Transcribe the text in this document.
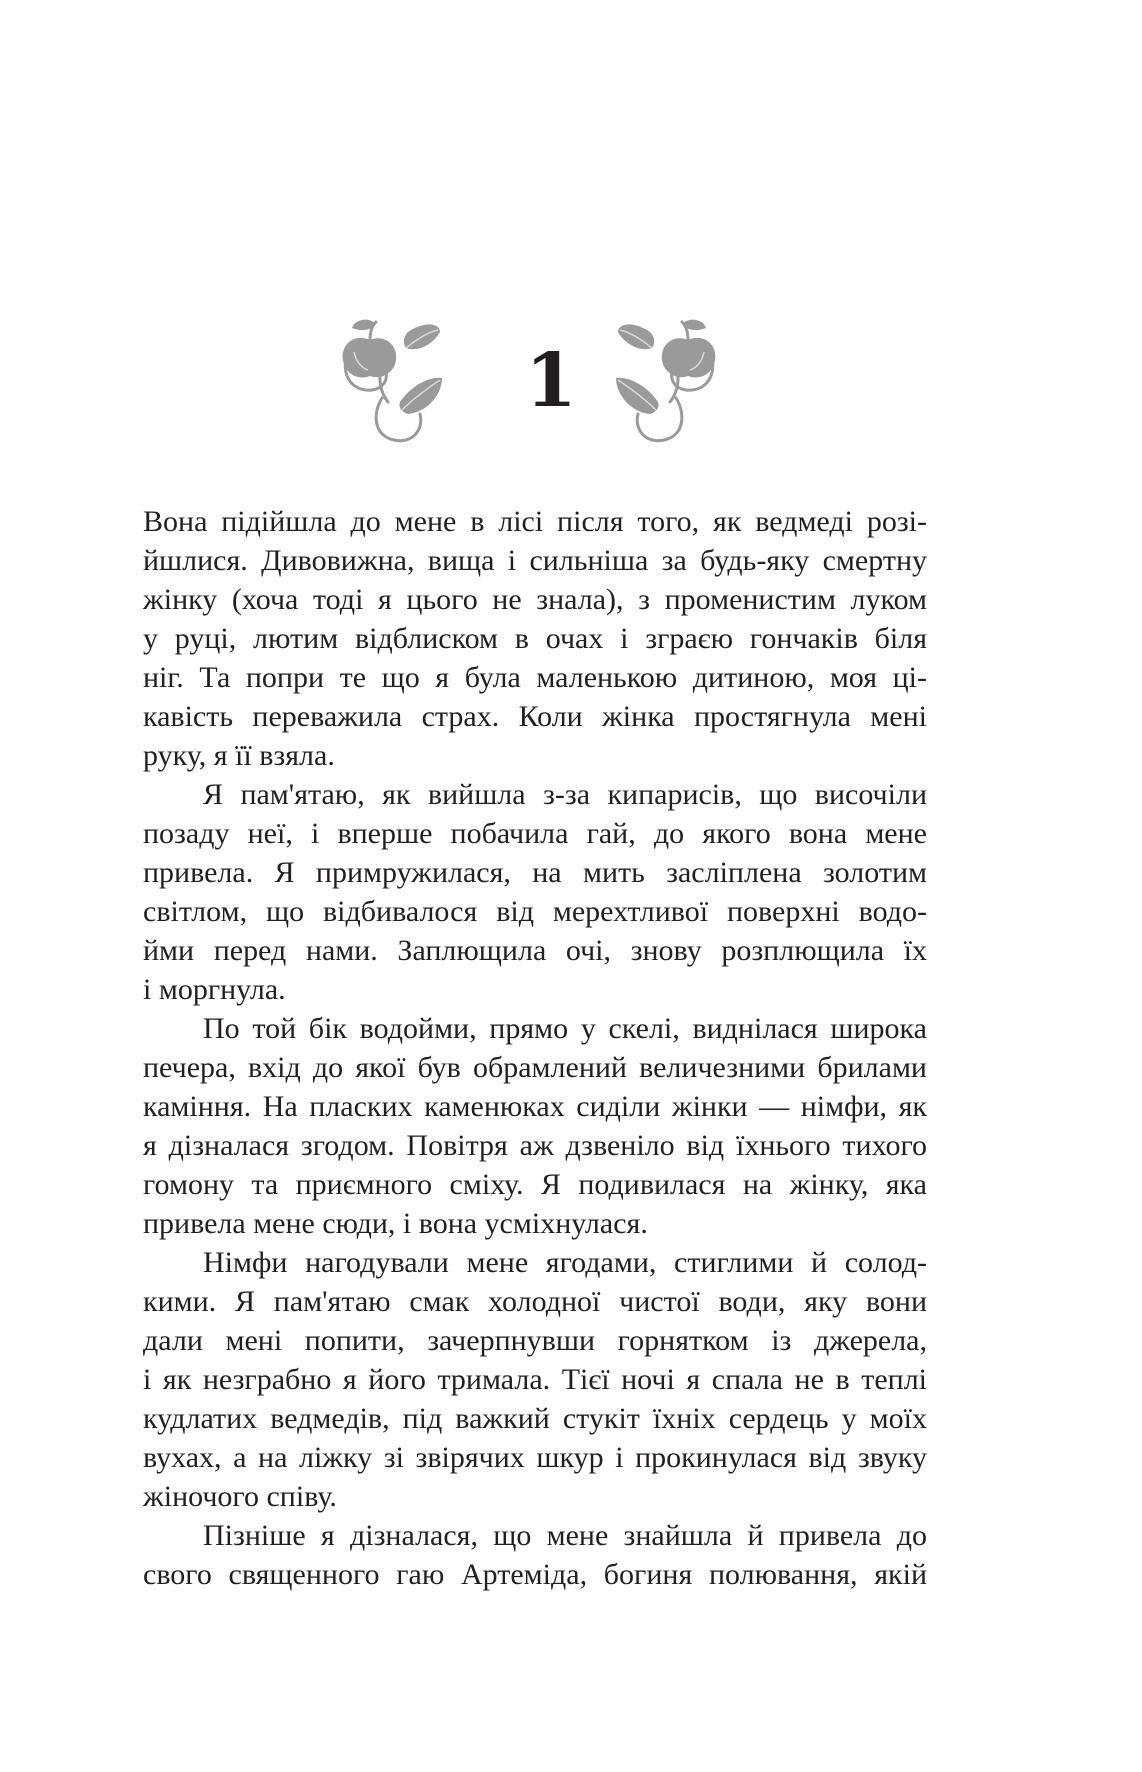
1

Вона підійшла до мене в лісі після того, як ведмеді розі-
йшлися. Дивовижна, вища і сильніша за будь-яку смертну
жінку (хоча тоді я цього не знала), з променистим луком
у руці, лютим відблиском в очах і зграєю гончаків біля
ніг. Та попри те що я була маленькою дитиною, моя ці-
кавість переважила страх. Коли жінка простягнула мені
руку, я її взяла.

Я пам'ятаю, як вийшла з-за кипарисів, що височіли
позаду неї, і вперше побачила гай, до якого вона мене
привела. Я примружилася, на мить засліплена золотим
світлом, що відбивалося від мерехтливої поверхні водо-
йми перед нами. Заплющила очі, знову розплющила їх
і моргнула.

По той бік водойми, прямо у скелі, виднілася широка
печера, вхід до якої був обрамлений величезними брилами
каміння. На пласких каменюках сиділи жінки — німфи, як
я дізналася згодом. Повітря аж дзвеніло від їхнього тихого
гомону та приємного сміху. Я подивилася на жінку, яка
привела мене сюди, і вона усміхнулася.

Німфи нагодували мене ягодами, стиглими й солод-
кими. Я пам'ятаю смак холодної чистої води, яку вони
дали мені попити, зачерпнувши горнятком із джерела,
і як незграбно я його тримала. Тієї ночі я спала не в теплі
кудлатих ведмедів, під важкий стукіт їхніх сердець у моїх
вухах, а на ліжку зі звірячих шкур і прокинулася від звуку
жіночого співу.

Пізніше я дізналася, що мене знайшла й привела до
свого священного гаю Артеміда, богиня полювання, якій
